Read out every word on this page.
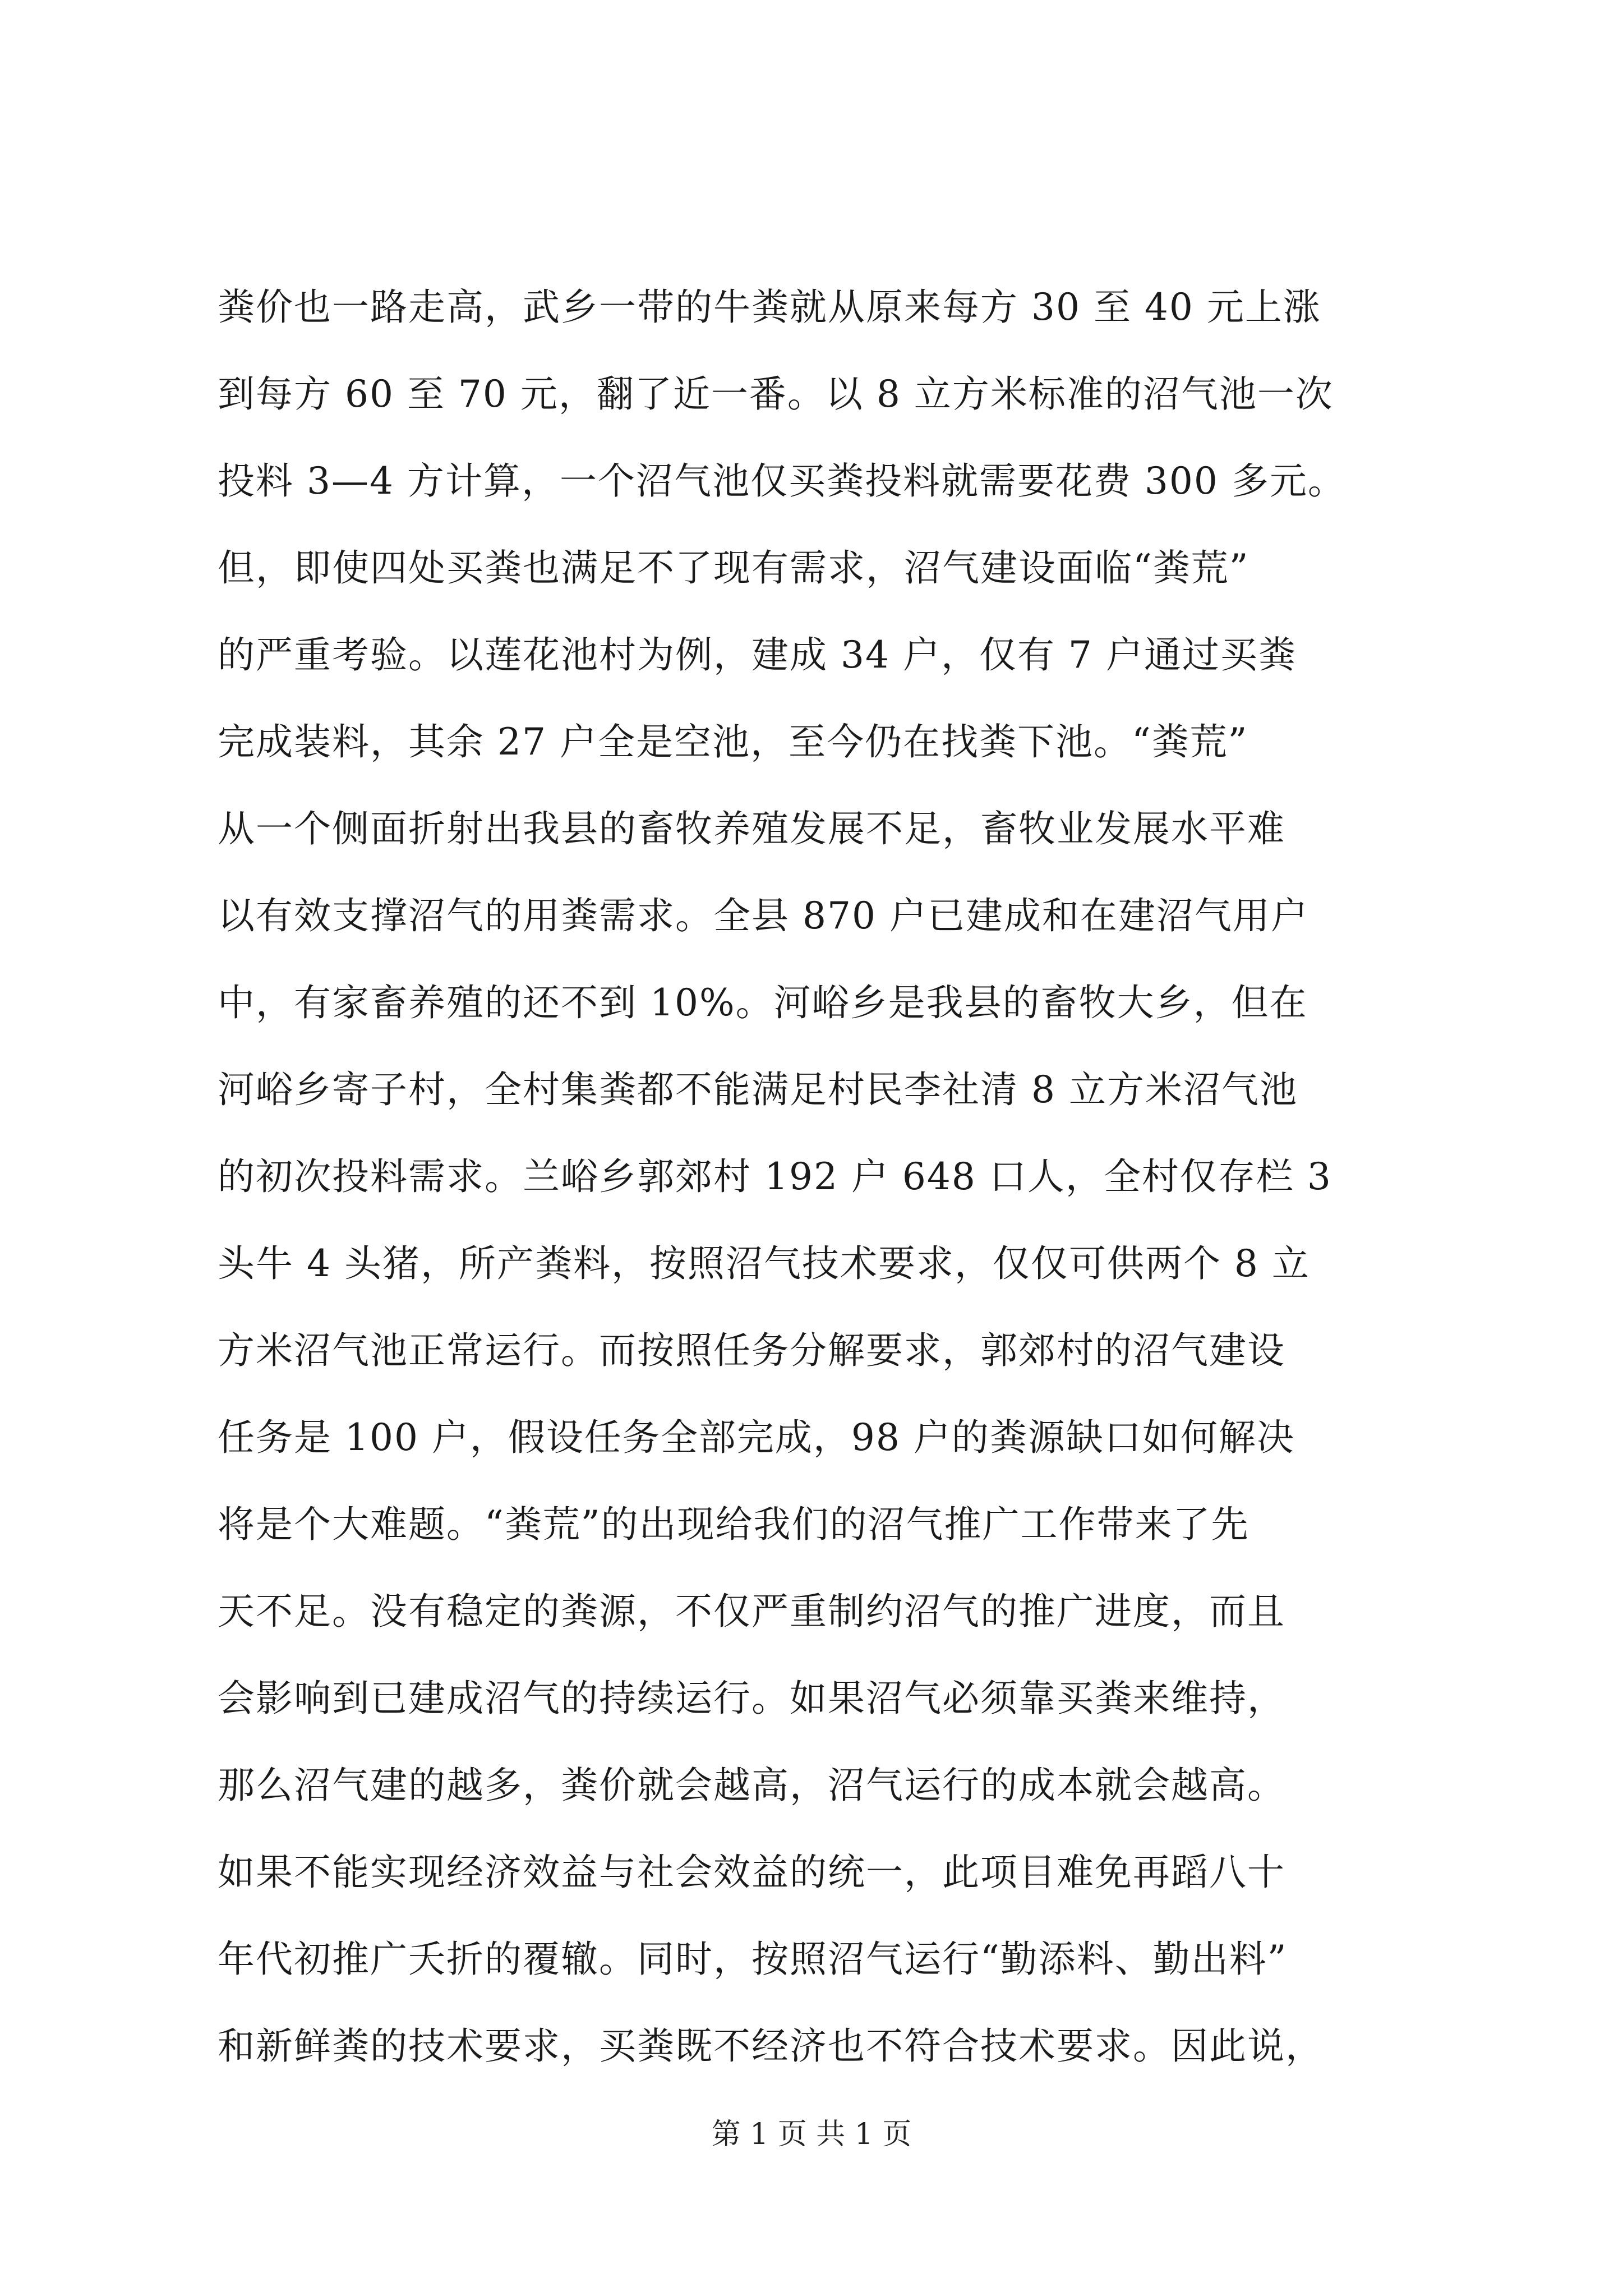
粪价也一路走高，武乡一带的牛粪就从原来每方 30 至 40 元上涨
到每方 60 至 70 元，翻了近一番。以 8 立方米标准的沼气池一次
投料 3—4 方计算，一个沼气池仅买粪投料就需要花费 300 多元。
但，即使四处买粪也满足不了现有需求，沼气建设面临“粪荒”
的严重考验。以莲花池村为例，建成 34 户，仅有 7 户通过买粪
完成装料，其余 27 户全是空池，至今仍在找粪下池。“粪荒”
从一个侧面折射出我县的畜牧养殖发展不足，畜牧业发展水平难
以有效支撑沼气的用粪需求。全县 870 户已建成和在建沼气用户
中，有家畜养殖的还不到 10%。河峪乡是我县的畜牧大乡，但在
河峪乡寄子村，全村集粪都不能满足村民李社清 8 立方米沼气池
的初次投料需求。兰峪乡郭郊村 192 户 648 口人，全村仅存栏 3
头牛 4 头猪，所产粪料，按照沼气技术要求，仅仅可供两个 8 立
方米沼气池正常运行。而按照任务分解要求，郭郊村的沼气建设
任务是 100 户，假设任务全部完成，98 户的粪源缺口如何解决
将是个大难题。“粪荒”的出现给我们的沼气推广工作带来了先
天不足。没有稳定的粪源，不仅严重制约沼气的推广进度，而且
会影响到已建成沼气的持续运行。如果沼气必须靠买粪来维持，
那么沼气建的越多，粪价就会越高，沼气运行的成本就会越高。
如果不能实现经济效益与社会效益的统一，此项目难免再蹈八十
年代初推广夭折的覆辙。同时，按照沼气运行“勤添料、勤出料”
和新鲜粪的技术要求，买粪既不经济也不符合技术要求。因此说，
第 1 页 共 1 页
